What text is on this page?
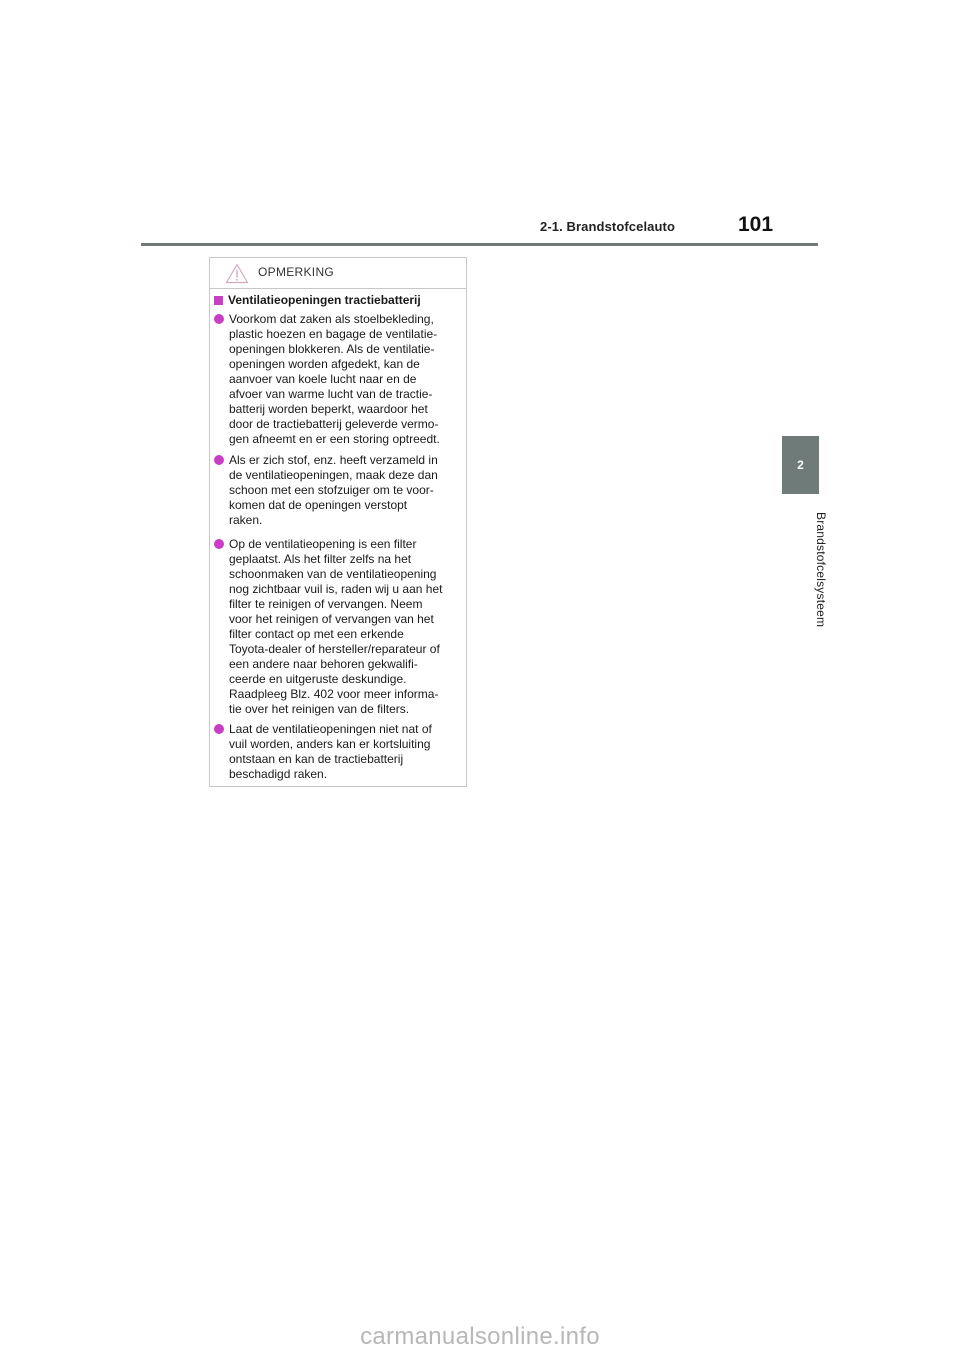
2-1. Brandstofcelauto	101
2
Brandstofcelsysteem
OPMERKING
Ventilatieopeningen tractiebatterij
Voorkom dat zaken als stoelbekleding,
plastic hoezen en bagage de ventilatie-
openingen blokkeren. Als de ventilatie-
openingen worden afgedekt, kan de
aanvoer van koele lucht naar en de
afvoer van warme lucht van de tractie-
batterij worden beperkt, waardoor het
door de tractiebatterij geleverde vermo-
gen afneemt en er een storing optreedt.
Als er zich stof, enz. heeft verzameld in
de ventilatieopeningen, maak deze dan
schoon met een stofzuiger om te voor-
komen dat de openingen verstopt
raken.
Op de ventilatieopening is een filter
geplaatst. Als het filter zelfs na het
schoonmaken van de ventilatieopening
nog zichtbaar vuil is, raden wij u aan het
filter te reinigen of vervangen. Neem
voor het reinigen of vervangen van het
filter contact op met een erkende
Toyota-dealer of hersteller/reparateur of
een andere naar behoren gekwalifi-
ceerde en uitgeruste deskundige.
Raadpleeg Blz. 402 voor meer informa-
tie over het reinigen van de filters.
Laat de ventilatieopeningen niet nat of
vuil worden, anders kan er kortsluiting
ontstaan en kan de tractiebatterij
beschadigd raken.
carmanualsonline.info
